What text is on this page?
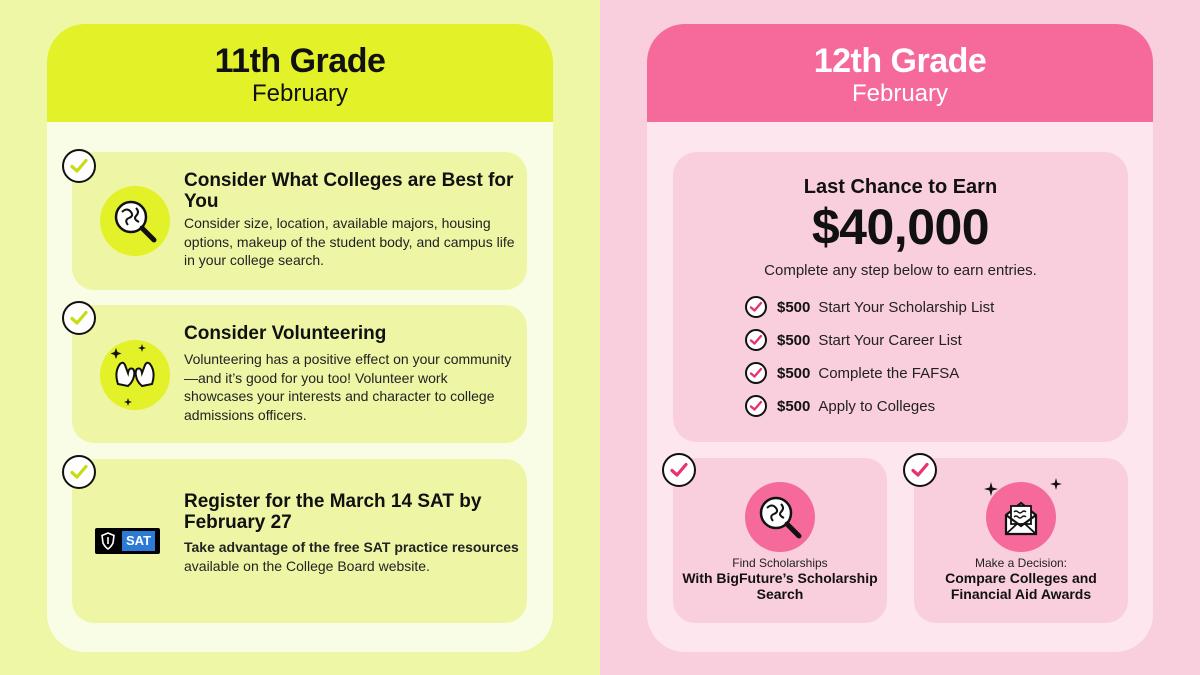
11th Grade
February
Consider What Colleges are Best for You
Consider size, location, available majors, housing options, makeup of the student body, and campus life in your college search.
Consider Volunteering
Volunteering has a positive effect on your community—and it’s good for you too! Volunteer work showcases your interests and character to college admissions officers.
SAT
Register for the March 14 SAT by February 27
Take advantage of the free SAT practice resources available on the College Board website.
12th Grade
February
Last Chance to Earn
$40,000
Complete any step below to earn entries.
$500 Start Your Scholarship List
$500 Start Your Career List
$500 Complete the FAFSA
$500 Apply to Colleges
Find Scholarships
With BigFuture’s Scholarship Search
Make a Decision:
Compare Colleges and Financial Aid Awards
